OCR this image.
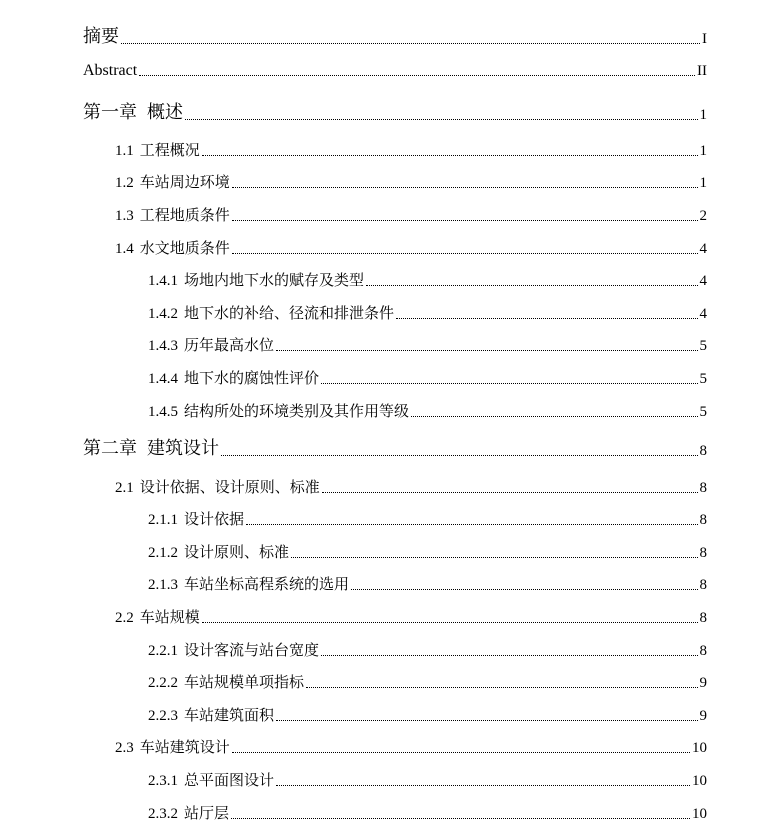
摘要	I
Abstract	II
第一章 概述	1
1.1 工程概况	1
1.2 车站周边环境	1
1.3 工程地质条件	2
1.4 水文地质条件	4
1.4.1 场地内地下水的赋存及类型	4
1.4.2 地下水的补给、径流和排泄条件	4
1.4.3 历年最高水位	5
1.4.4 地下水的腐蚀性评价	5
1.4.5 结构所处的环境类别及其作用等级	5
第二章 建筑设计	8
2.1 设计依据、设计原则、标准	8
2.1.1 设计依据	8
2.1.2 设计原则、标准	8
2.1.3 车站坐标高程系统的选用	8
2.2 车站规模	8
2.2.1 设计客流与站台宽度	8
2.2.2 车站规模单项指标	9
2.2.3 车站建筑面积	9
2.3 车站建筑设计	10
2.3.1 总平面图设计	10
2.3.2 站厅层	10
